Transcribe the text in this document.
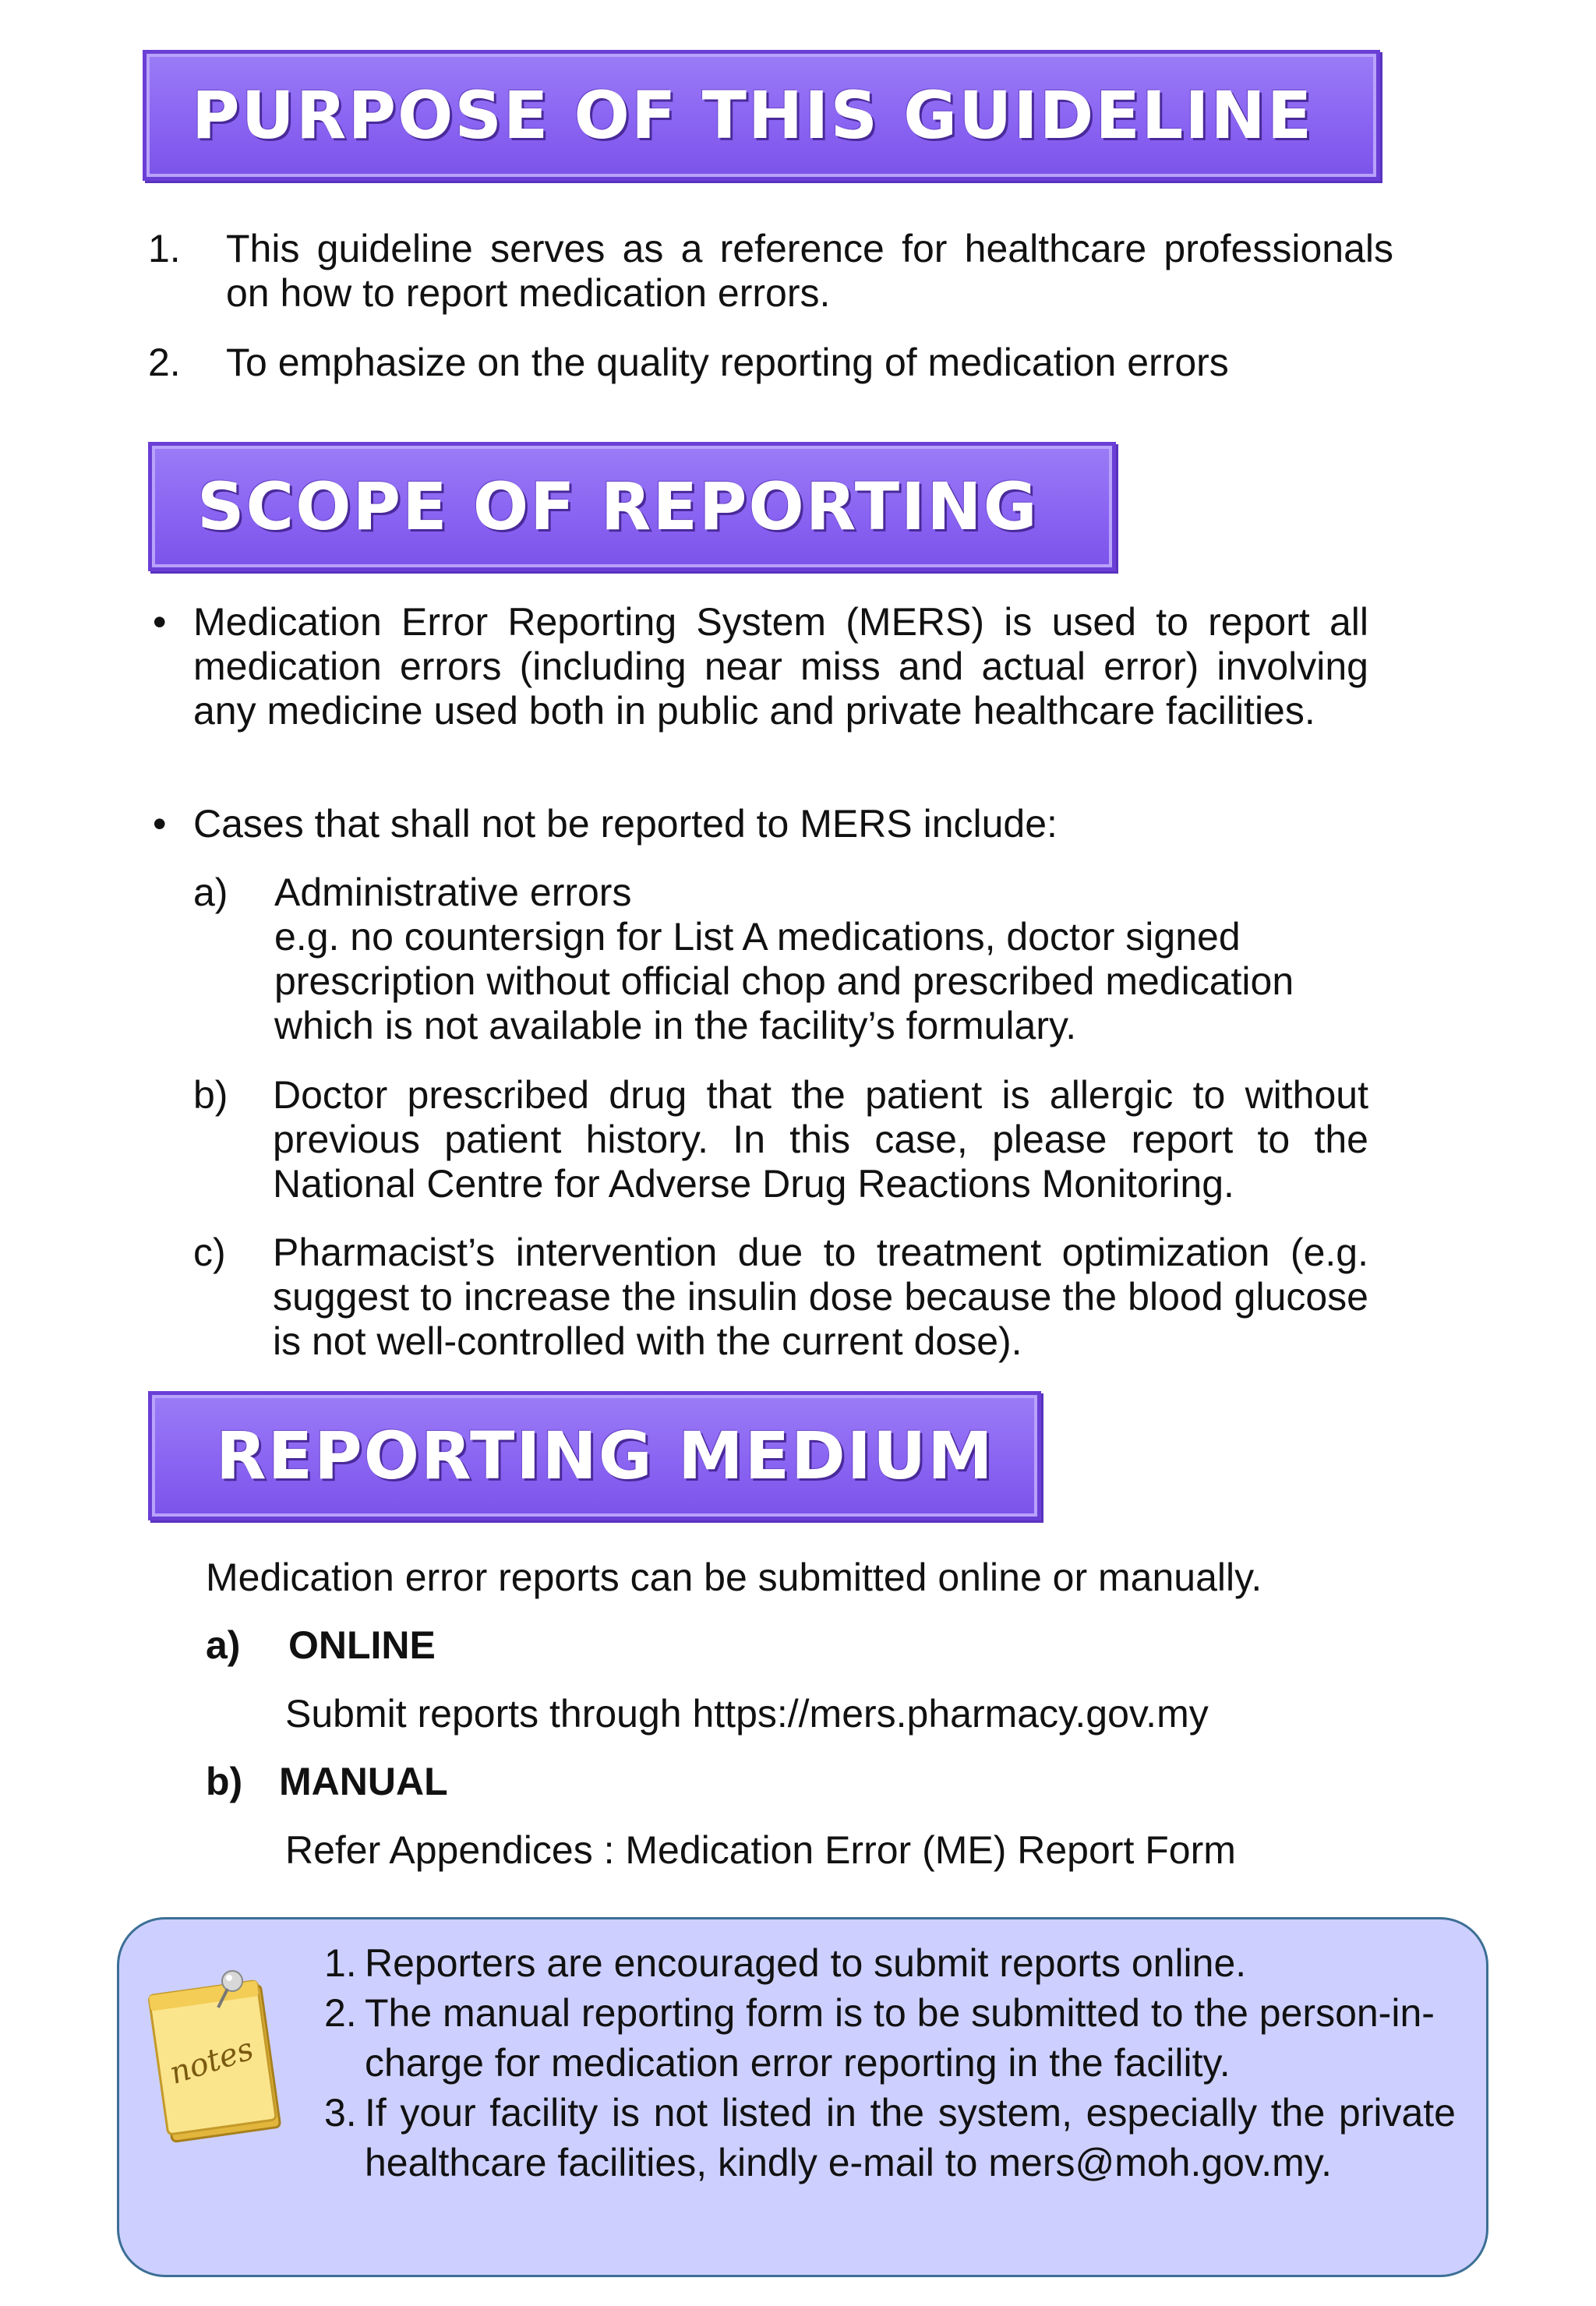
PURPOSE OF THIS GUIDELINE
1. This guideline serves as a reference for healthcare professionals on how to report medication errors.
2. To emphasize on the quality reporting of medication errors
SCOPE OF REPORTING
• Medication Error Reporting System (MERS) is used to report all medication errors (including near miss and actual error) involving any medicine used both in public and private healthcare facilities.
• Cases that shall not be reported to MERS include:
a) Administrative errors
e.g. no countersign for List A medications, doctor signed prescription without official chop and prescribed medication which is not available in the facility’s formulary.
b) Doctor prescribed drug that the patient is allergic to without previous patient history. In this case, please report to the National Centre for Adverse Drug Reactions Monitoring.
c) Pharmacist’s intervention due to treatment optimization (e.g. suggest to increase the insulin dose because the blood glucose is not well-controlled with the current dose).
REPORTING MEDIUM
Medication error reports can be submitted online or manually.
a) ONLINE
Submit reports through https://mers.pharmacy.gov.my
b) MANUAL
Refer Appendices : Medication Error (ME) Report Form
notes
1. Reporters are encouraged to submit reports online.
2. The manual reporting form is to be submitted to the person-in-charge for medication error reporting in the facility.
3. If your facility is not listed in the system, especially the private healthcare facilities, kindly e-mail to mers@moh.gov.my.
